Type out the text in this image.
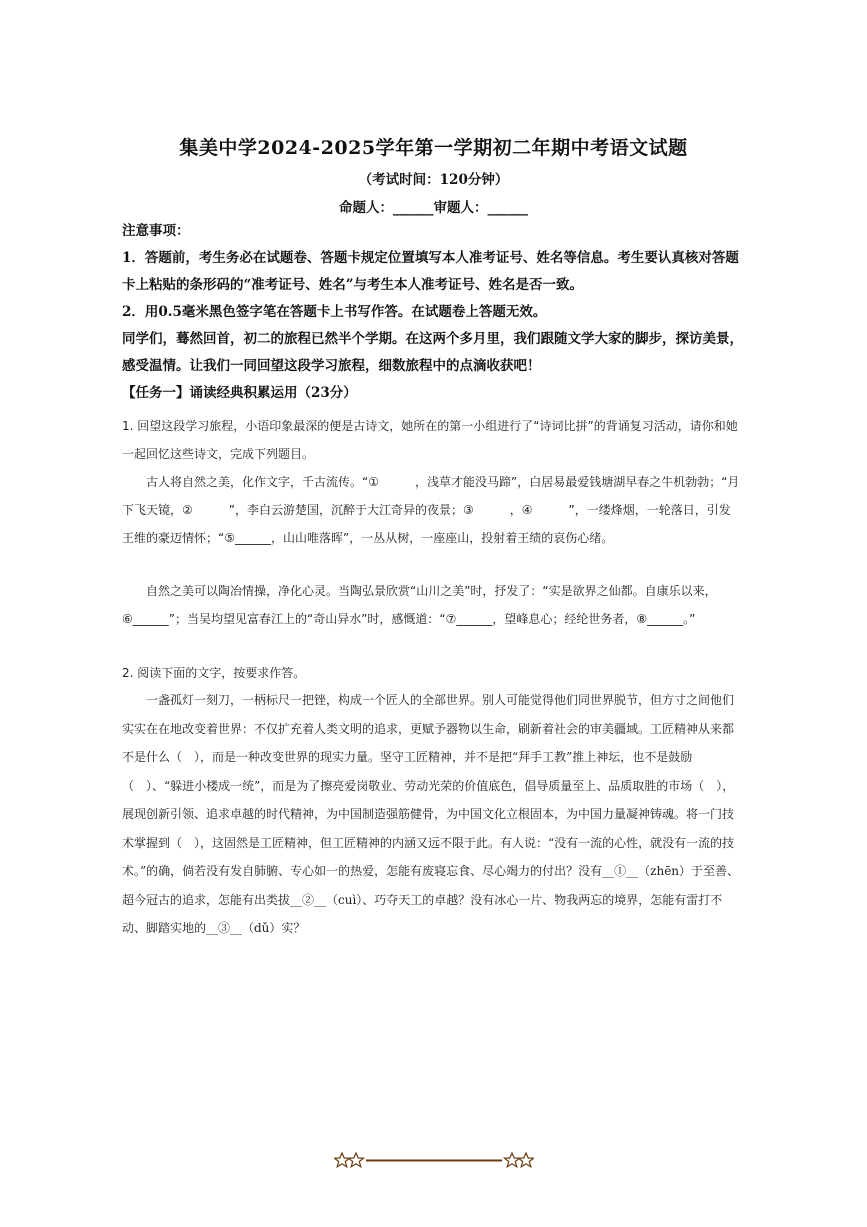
集美中学2024-2025学年第一学期初二年期中考语文试题
（考试时间：120分钟）
命题人：______审题人：______
注意事项：
1．答题前，考生务必在试题卷、答题卡规定位置填写本人准考证号、姓名等信息。考生要认真核对答题卡上粘贴的条形码的“准考证号、姓名”与考生本人准考证号、姓名是否一致。
2．用0.5毫米黑色签字笔在答题卡上书写作答。在试题卷上答题无效。
同学们，蓦然回首，初二的旅程已然半个学期。在这两个多月里，我们跟随文学大家的脚步，探访美景，感受温情。让我们一同回望这段学习旅程，细数旅程中的点滴收获吧！
【任务一】诵读经典积累运用（23分）
1. 回望这段学习旅程，小语印象最深的便是古诗文，她所在的第一小组进行了“诗词比拼”的背诵复习活动，请你和她一起回忆这些诗文，完成下列题目。
古人将自然之美，化作文字，千古流传。“①　　　，浅草才能没马蹄”，白居易最爱钱塘湖早春之牛机勃勃；“月下飞天镜，②　　　”，李白云游楚国，沉醉于大江奇异的夜景；③　　　，④　　　”，一缕烽烟，一轮落日，引发王维的豪迈情怀；“⑤______，山山唯落晖”，一丛从树，一座座山，投射着王绩的哀伤心绪。
自然之美可以陶冶情操，净化心灵。当陶弘景欣赏“山川之美”时，抒发了：“实是欲界之仙都。自康乐以来，⑥______”；当吴均望见富春江上的“奇山异水”时，感慨道：“⑦______，望峰息心；经纶世务者，⑧______。”
2. 阅读下面的文字，按要求作答。
一盏孤灯一刻刀，一柄标尺一把锉，构成一个匠人的全部世界。别人可能觉得他们同世界脱节，但方寸之间他们实实在在地改变着世界：不仅扩充着人类文明的追求，更赋予器物以生命，刷新着社会的审美疆域。工匠精神从来都不是什么（　），而是一种改变世界的现实力量。坚守工匠精神，并不是把“拜手工教”推上神坛，也不是鼓励（　）、“躲进小楼成一统”，而是为了擦亮爱岗敬业、劳动光荣的价值底色，倡导质量至上、品质取胜的市场（　），展现创新引领、追求卓越的时代精神，为中国制造强筋健骨，为中国文化立根固本，为中国力量凝神铸魂。将一门技术掌握到（　），这固然是工匠精神，但工匠精神的内涵又远不限于此。有人说：“没有一流的心性，就没有一流的技术。”的确，倘若没有发自肺腑、专心如一的热爱，怎能有废寝忘食、尽心竭力的付出？没有__①__（zhēn）于至善、超今冠古的追求，怎能有出类拔__②__（cuì）、巧夺天工的卓越？没有冰心一片、物我两忘的境界，怎能有雷打不动、脚踏实地的__③__（dǔ）实？
